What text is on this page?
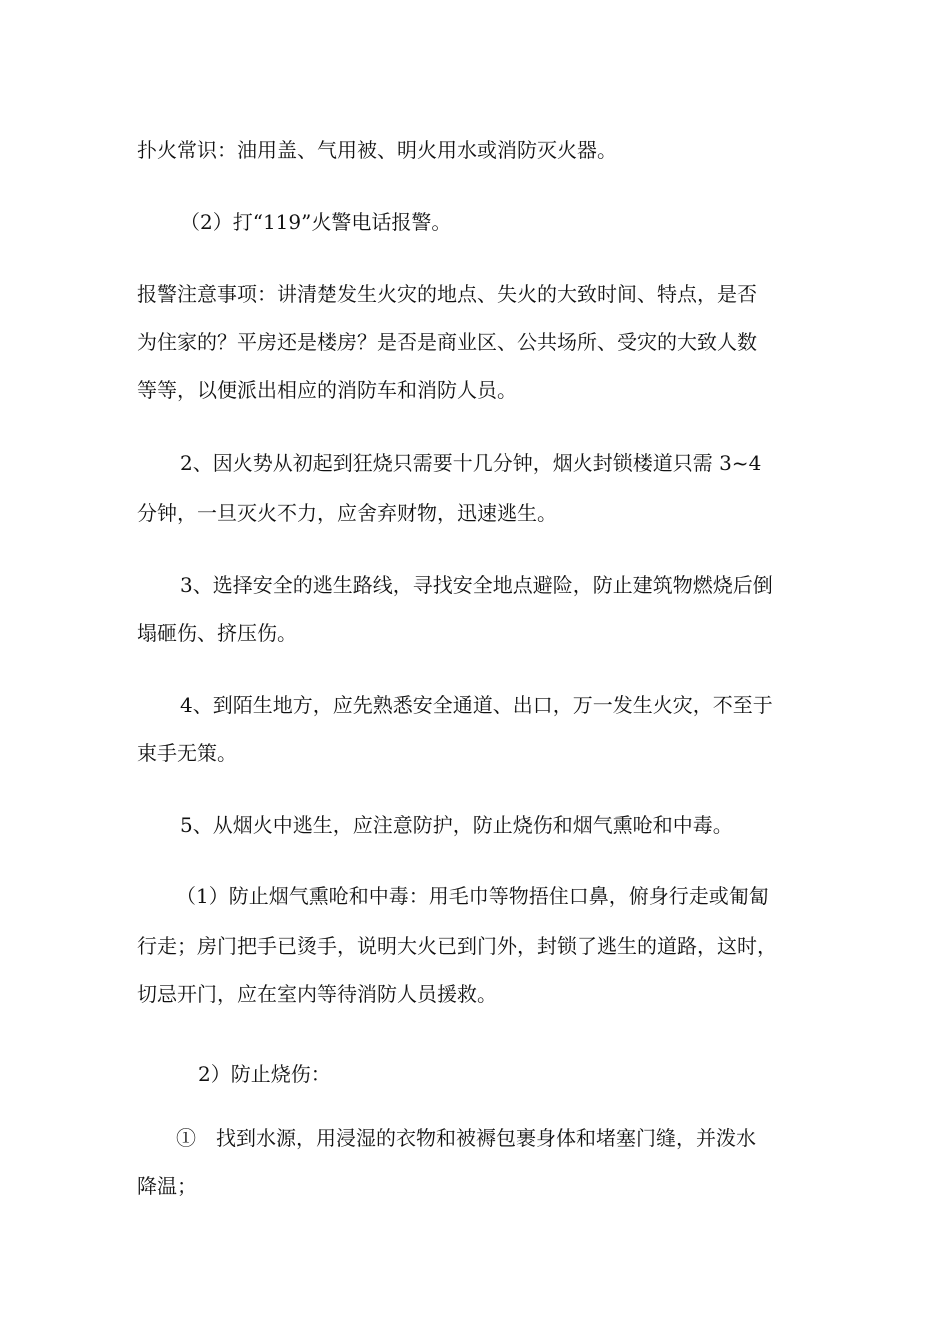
扑火常识：油用盖、气用被、明火用水或消防灭火器。
（2）打“119”火警电话报警。
报警注意事项：讲清楚发生火灾的地点、失火的大致时间、特点，是否
为住家的？平房还是楼房？是否是商业区、公共场所、受灾的大致人数
等等，以便派出相应的消防车和消防人员。
2、因火势从初起到狂烧只需要十几分钟，烟火封锁楼道只需 3~4
分钟，一旦灭火不力，应舍弃财物，迅速逃生。
3、选择安全的逃生路线，寻找安全地点避险，防止建筑物燃烧后倒
塌砸伤、挤压伤。
4、到陌生地方，应先熟悉安全通道、出口，万一发生火灾，不至于
束手无策。
5、从烟火中逃生，应注意防护，防止烧伤和烟气熏呛和中毒。
（1）防止烟气熏呛和中毒：用毛巾等物捂住口鼻，俯身行走或匍匐
行走；房门把手已烫手，说明大火已到门外，封锁了逃生的道路，这时，
切忌开门，应在室内等待消防人员援救。
2）防止烧伤：
①　找到水源，用浸湿的衣物和被褥包裹身体和堵塞门缝，并泼水
降温；
